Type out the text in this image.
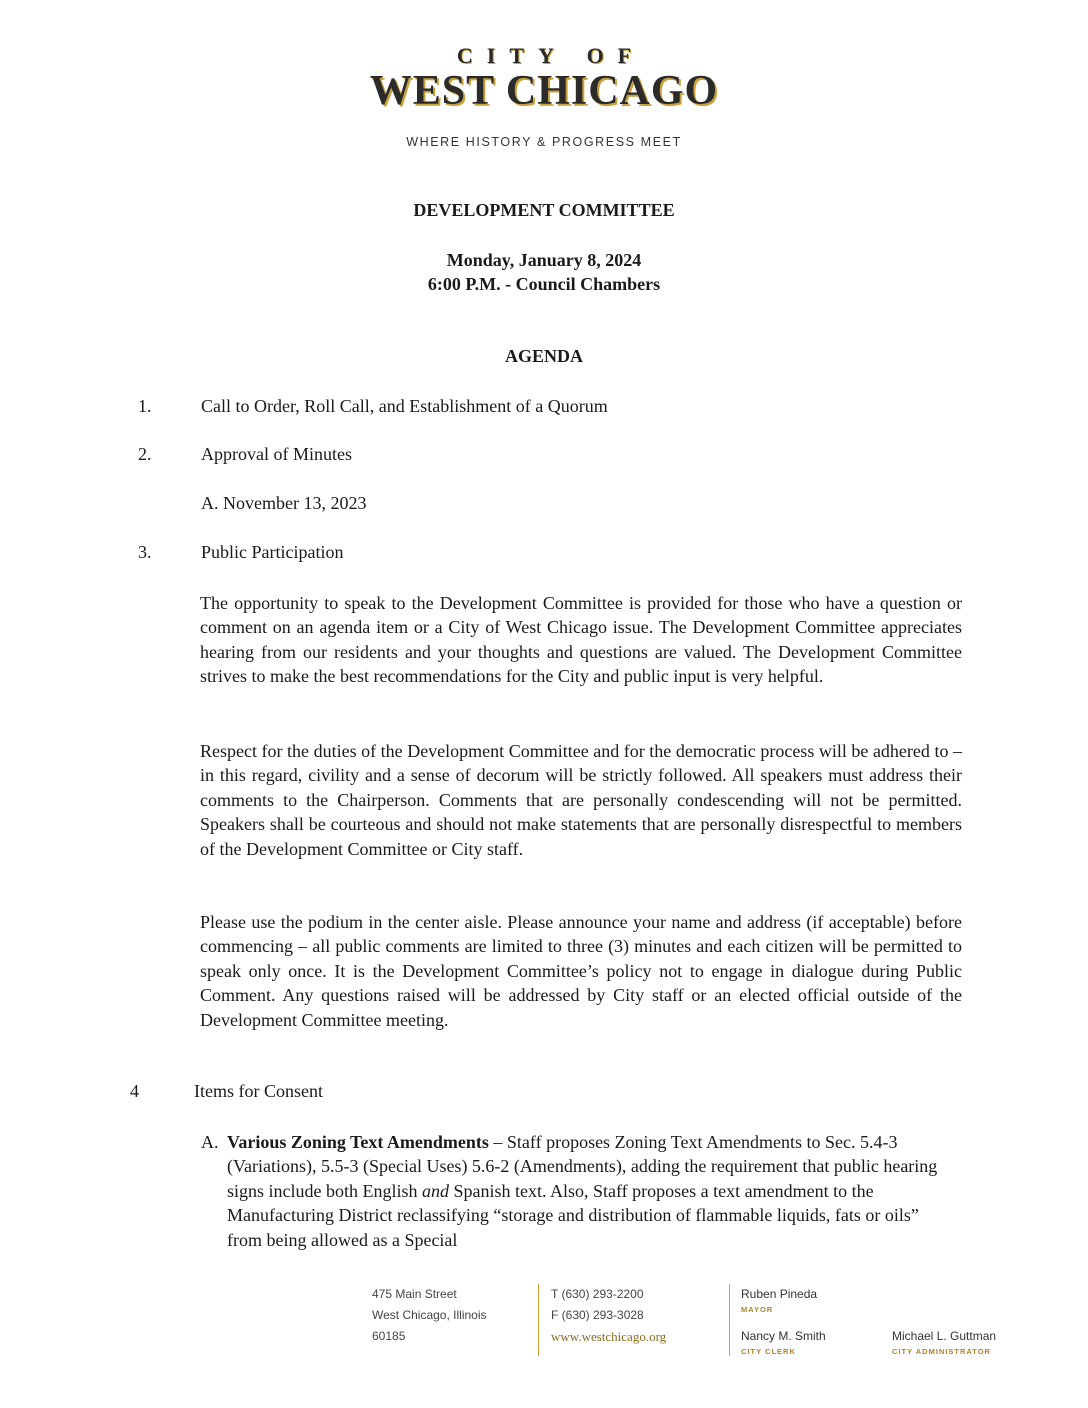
CITY OF
WEST CHICAGO
WHERE HISTORY & PROGRESS MEET
DEVELOPMENT COMMITTEE
Monday, January 8, 2024
6:00 P.M. - Council Chambers
AGENDA
1.	Call to Order, Roll Call, and Establishment of a Quorum
2.	Approval of Minutes
A. November 13, 2023
3.	Public Participation
The opportunity to speak to the Development Committee is provided for those who have a question or comment on an agenda item or a City of West Chicago issue. The Development Committee appreciates hearing from our residents and your thoughts and questions are valued. The Development Committee strives to make the best recommendations for the City and public input is very helpful.
Respect for the duties of the Development Committee and for the democratic process will be adhered to – in this regard, civility and a sense of decorum will be strictly followed. All speakers must address their comments to the Chairperson. Comments that are personally condescending will not be permitted. Speakers shall be courteous and should not make statements that are personally disrespectful to members of the Development Committee or City staff.
Please use the podium in the center aisle. Please announce your name and address (if acceptable) before commencing – all public comments are limited to three (3) minutes and each citizen will be permitted to speak only once. It is the Development Committee’s policy not to engage in dialogue during Public Comment. Any questions raised will be addressed by City staff or an elected official outside of the Development Committee meeting.
4	Items for Consent
A. Various Zoning Text Amendments – Staff proposes Zoning Text Amendments to Sec. 5.4-3 (Variations), 5.5-3 (Special Uses) 5.6-2 (Amendments), adding the requirement that public hearing signs include both English and Spanish text. Also, Staff proposes a text amendment to the Manufacturing District reclassifying “storage and distribution of flammable liquids, fats or oils” from being allowed as a Special
475 Main Street
West Chicago, Illinois
60185
T (630) 293-2200
F (630) 293-3028
www.westchicago.org
Ruben Pineda
MAYOR
Nancy M. Smith
CITY CLERK
Michael L. Guttman
CITY ADMINISTRATOR
